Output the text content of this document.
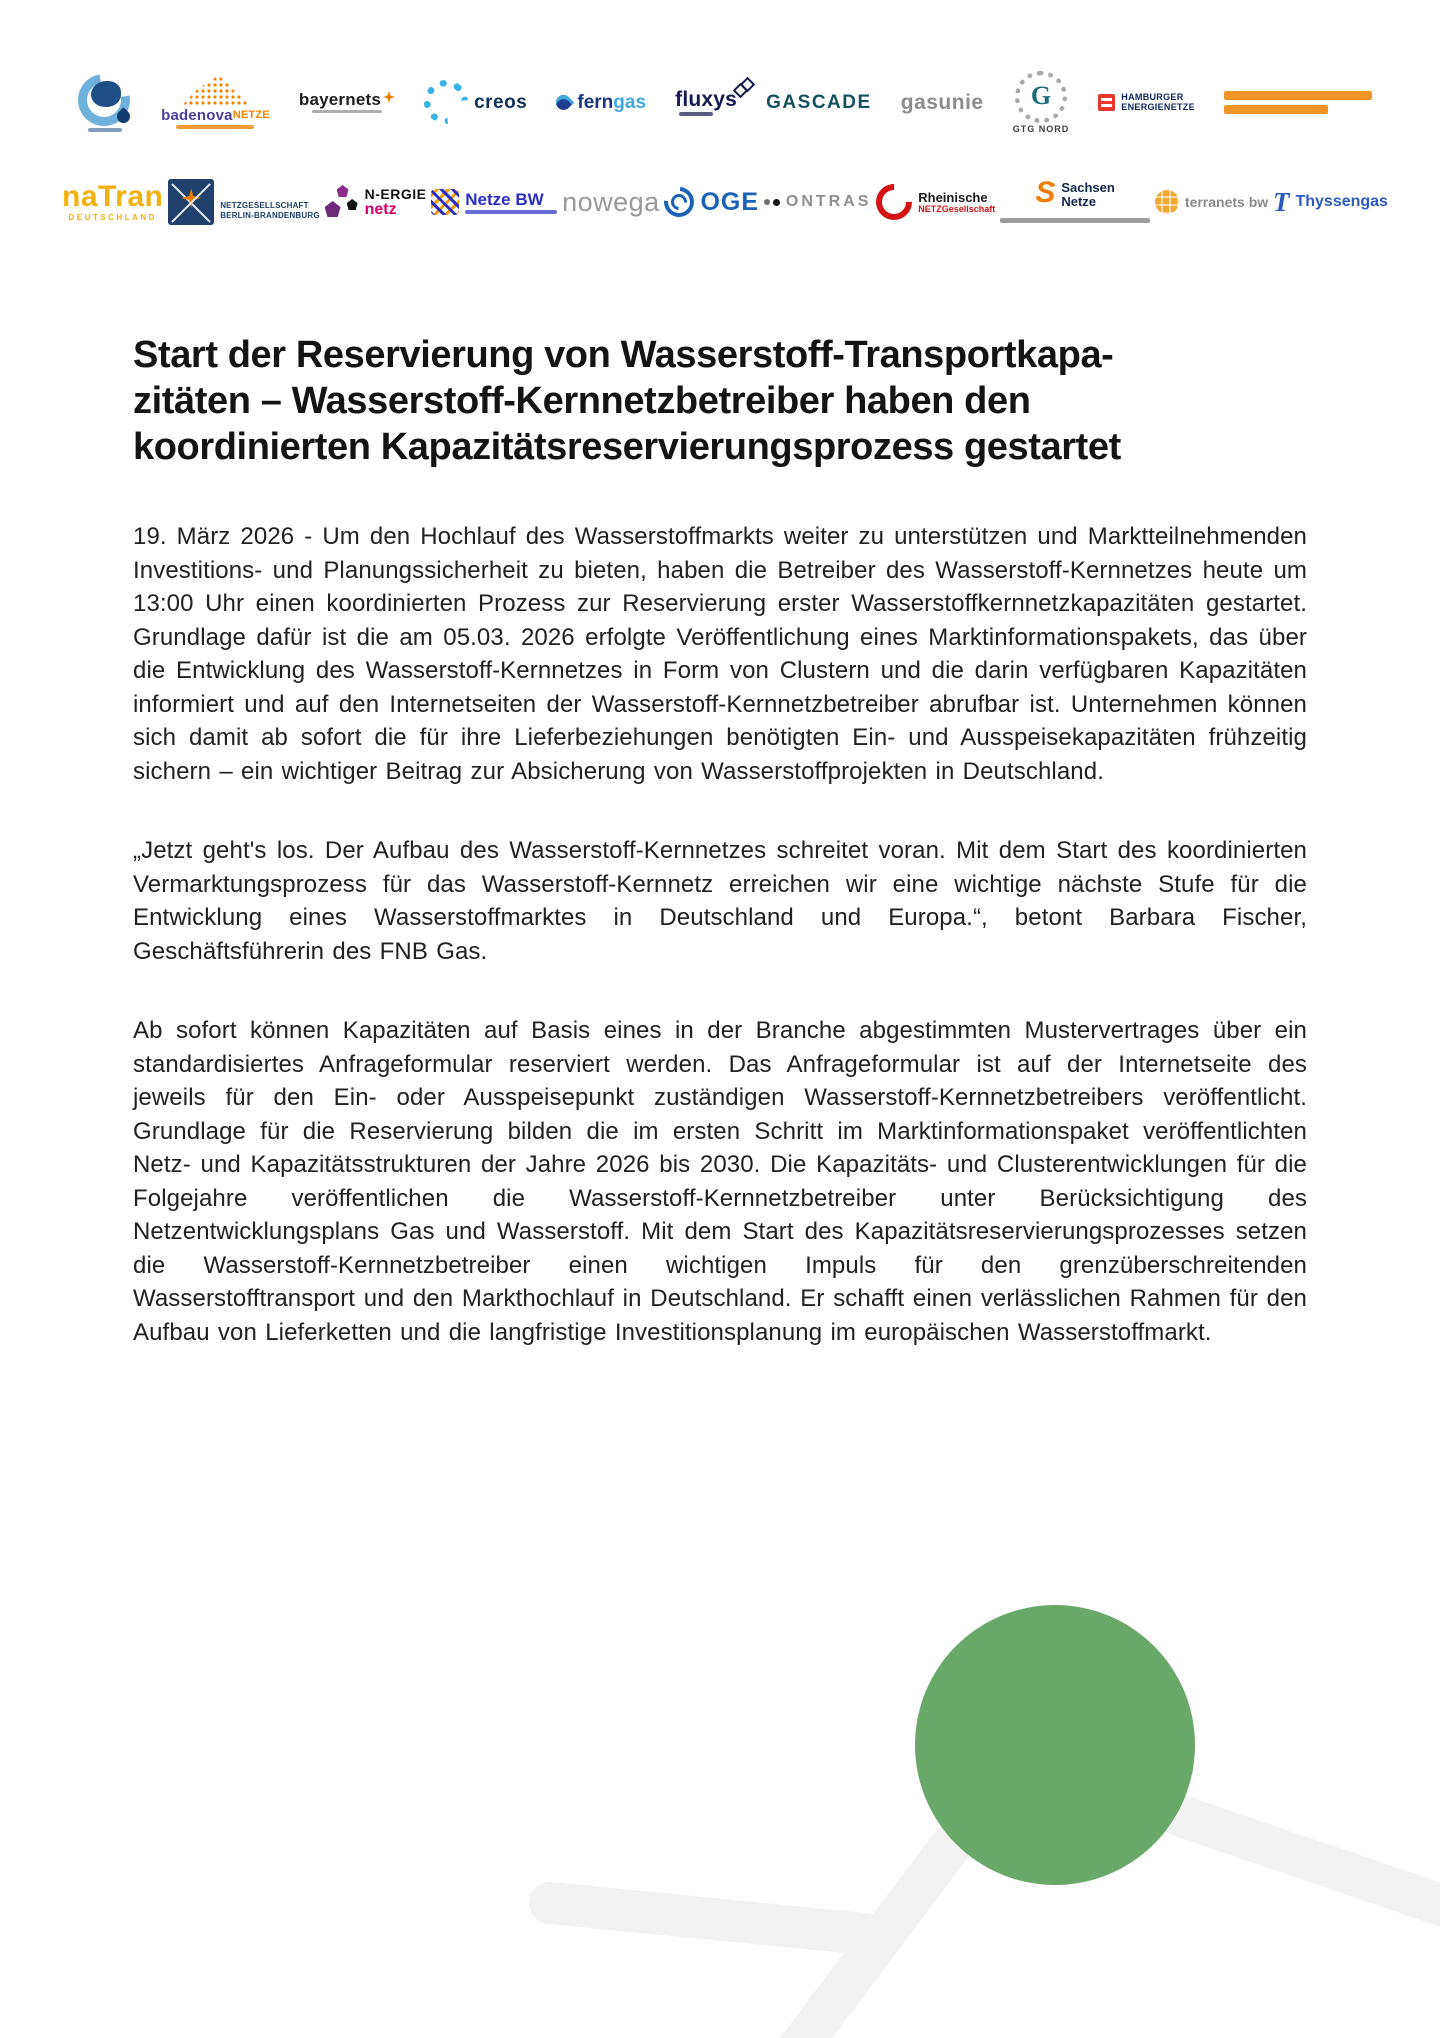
badenovaNETZE
bayernets	creos	ferngas fluxys GASCADE gasunie G
GTG NORD
HAMBURGER
ENERGIENETZE
naTran
DEUTSCHLAND
NETZGESELLSCHAFT
BERLIN-BRANDENBURG
N-ERGIE
netz
Netze BW nowega OGE ONTRAS	Rheinische
NETZGesellschaft S Sachsen
Netze	terranets bw T Thyssengas
Start der Reservierung von Wasserstoff-Transportkapa-
zitäten – Wasserstoff-Kernnetzbetreiber haben den
koordinierten Kapazitätsreservierungsprozess gestartet

19. März 2026 - Um den Hochlauf des Wasserstoffmarkts weiter zu unterstützen und Marktteilnehmenden Investitions- und Planungssicherheit zu bieten, haben die Betreiber des Wasserstoff-Kernnetzes heute um 13:00 Uhr einen koordinierten Prozess zur Reservierung erster Wasserstoffkernnetzkapazitäten gestartet. Grundlage dafür ist die am 05.03. 2026 erfolgte Veröffentlichung eines Marktinformationspakets, das über die Entwicklung des Wasserstoff-Kernnetzes in Form von Clustern und die darin verfügbaren Kapazitäten informiert und auf den Internetseiten der Wasserstoff-Kernnetzbetreiber abrufbar ist. Unternehmen können sich damit ab sofort die für ihre Lieferbeziehungen benötigten Ein- und Ausspeisekapazitäten frühzeitig sichern – ein wichtiger Beitrag zur Absicherung von Wasserstoffprojekten in Deutschland.

„Jetzt geht's los. Der Aufbau des Wasserstoff-Kernnetzes schreitet voran. Mit dem Start des koordinierten Vermarktungsprozess für das Wasserstoff-Kernnetz erreichen wir eine wichtige nächste Stufe für die Entwicklung eines Wasserstoffmarktes in Deutschland und Europa.“, betont Barbara Fischer, Geschäftsführerin des FNB Gas.

Ab sofort können Kapazitäten auf Basis eines in der Branche abgestimmten Mustervertrages über ein standardisiertes Anfrageformular reserviert werden. Das Anfrageformular ist auf der Internetseite des jeweils für den Ein- oder Ausspeisepunkt zuständigen Wasserstoff-Kernnetzbetreibers veröffentlicht. Grundlage für die Reservierung bilden die im ersten Schritt im Marktinformationspaket veröffentlichten Netz- und Kapazitätsstrukturen der Jahre 2026 bis 2030. Die Kapazitäts- und Clusterentwicklungen für die Folgejahre veröffentlichen die Wasserstoff-Kernnetzbetreiber unter Berücksichtigung des Netzentwicklungsplans Gas und Wasserstoff. Mit dem Start des Kapazitätsreservierungsprozesses setzen die Wasserstoff-Kernnetzbetreiber einen wichtigen Impuls für den grenzüberschreitenden Wasserstofftransport und den Markthochlauf in Deutschland. Er schafft einen verlässlichen Rahmen für den Aufbau von Lieferketten und die langfristige Investitionsplanung im europäischen Wasserstoffmarkt.
